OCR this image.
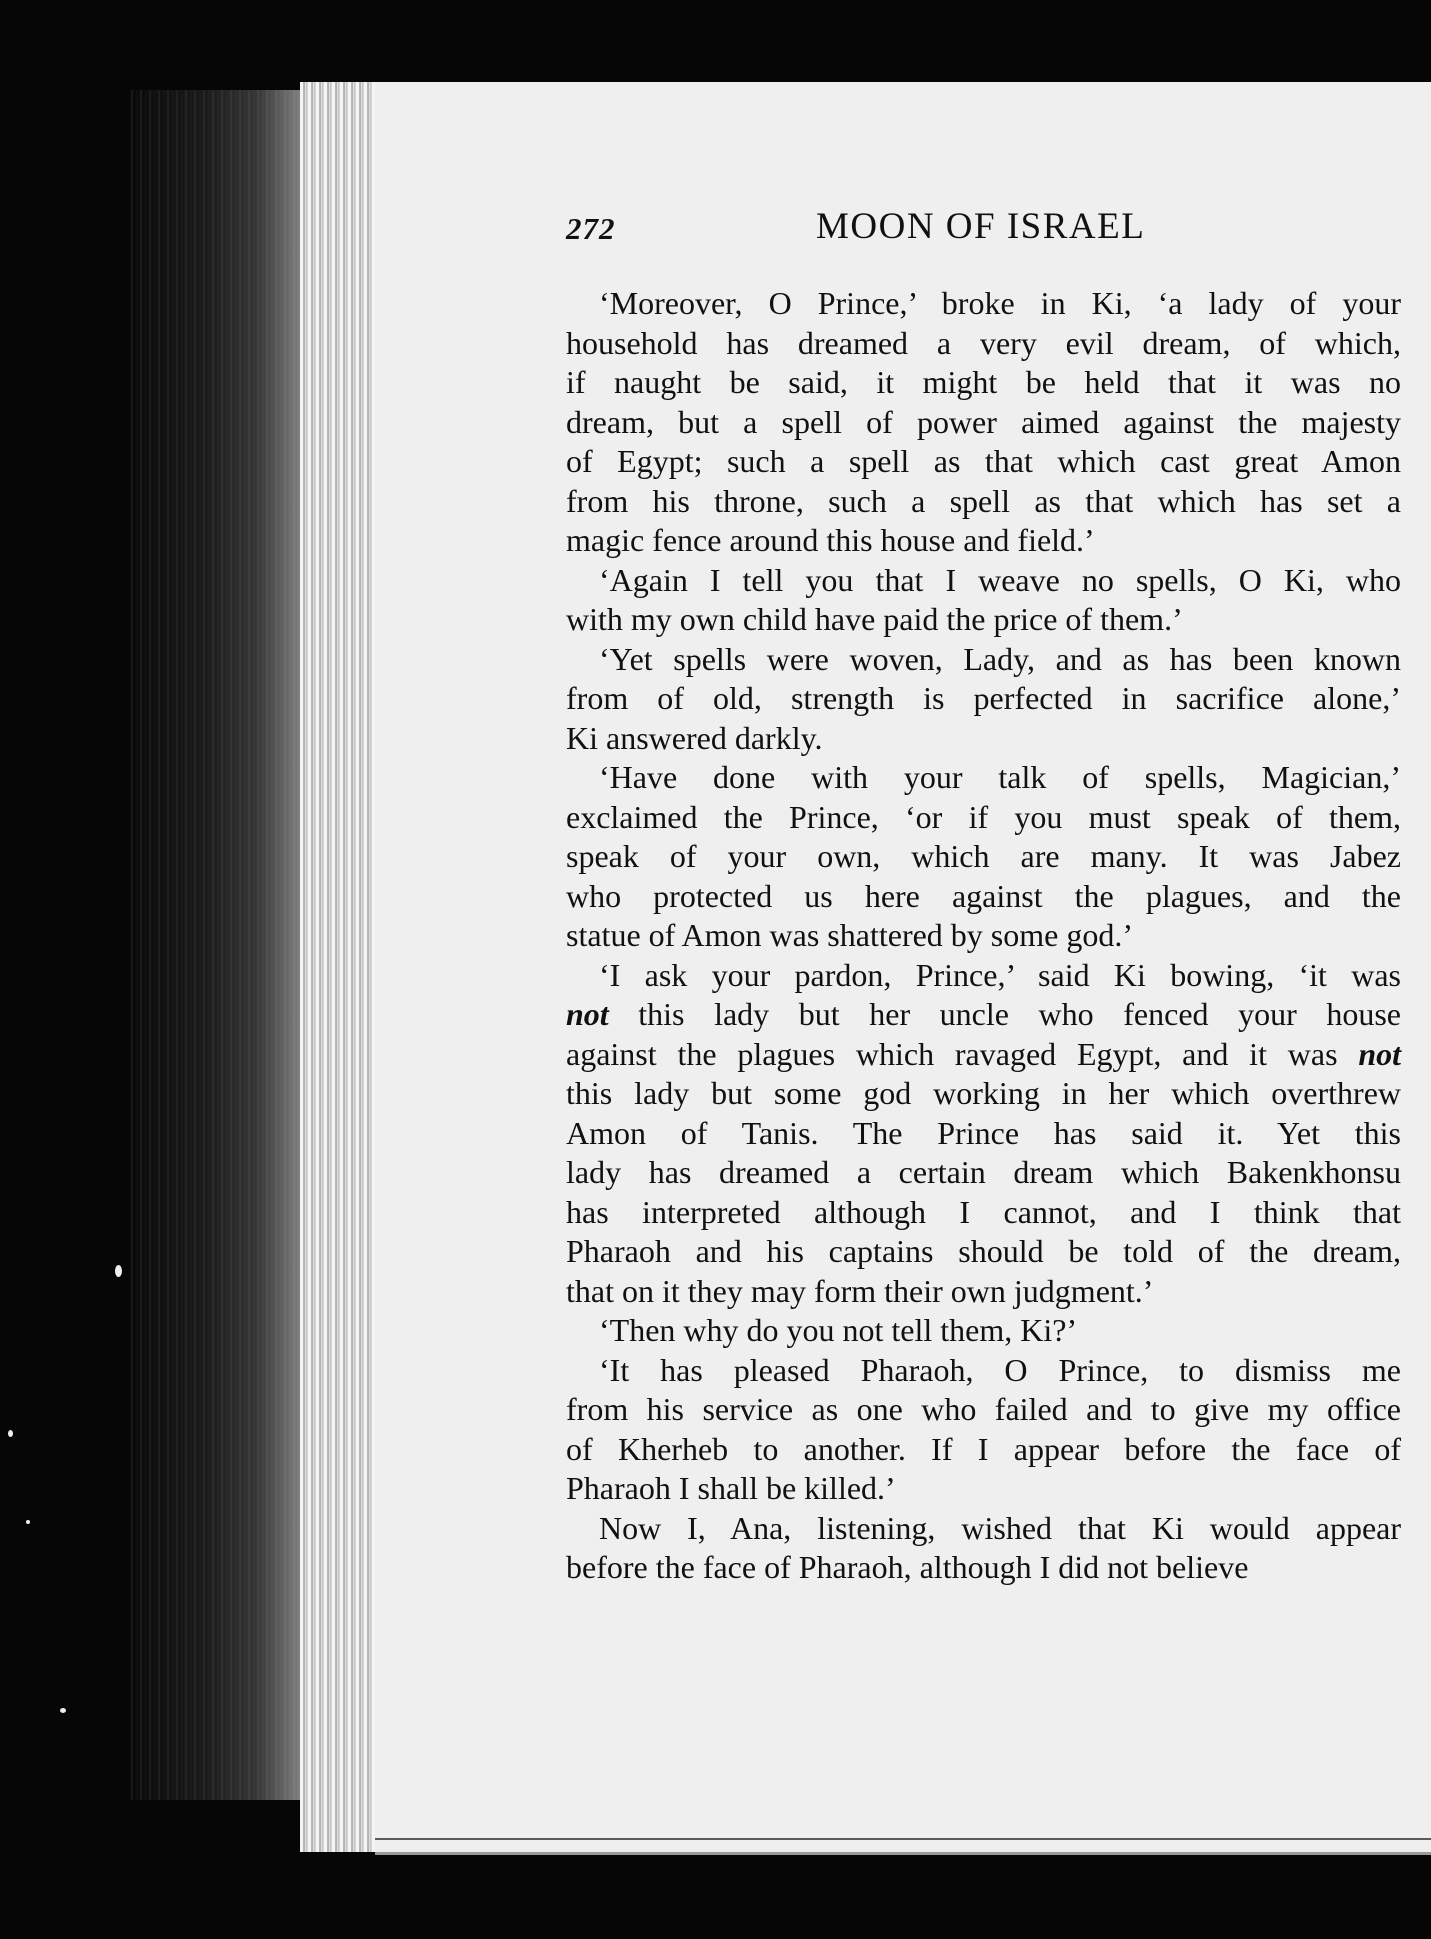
272	MOON OF ISRAEL

‘Moreover, O Prince,’ broke in Ki, ‘a lady of your
household has dreamed a very evil dream, of which,
if naught be said, it might be held that it was no
dream, but a spell of power aimed against the majesty
of Egypt; such a spell as that which cast great Amon
from his throne, such a spell as that which has set a
magic fence around this house and field.’

‘Again I tell you that I weave no spells, O Ki, who
with my own child have paid the price of them.’

‘Yet spells were woven, Lady, and as has been known
from of old, strength is perfected in sacrifice alone,’
Ki answered darkly.

‘Have done with your talk of spells, Magician,’
exclaimed the Prince, ‘or if you must speak of them,
speak of your own, which are many. It was Jabez
who protected us here against the plagues, and the
statue of Amon was shattered by some god.’

‘I ask your pardon, Prince,’ said Ki bowing, ‘it was
not this lady but her uncle who fenced your house
against the plagues which ravaged Egypt, and it was not
this lady but some god working in her which overthrew
Amon of Tanis. The Prince has said it. Yet this
lady has dreamed a certain dream which Bakenkhonsu
has interpreted although I cannot, and I think that
Pharaoh and his captains should be told of the dream,
that on it they may form their own judgment.’

‘Then why do you not tell them, Ki?’

‘It has pleased Pharaoh, O Prince, to dismiss me
from his service as one who failed and to give my office
of Kherheb to another. If I appear before the face of
Pharaoh I shall be killed.’

Now I, Ana, listening, wished that Ki would appear
before the face of Pharaoh, although I did not believe
